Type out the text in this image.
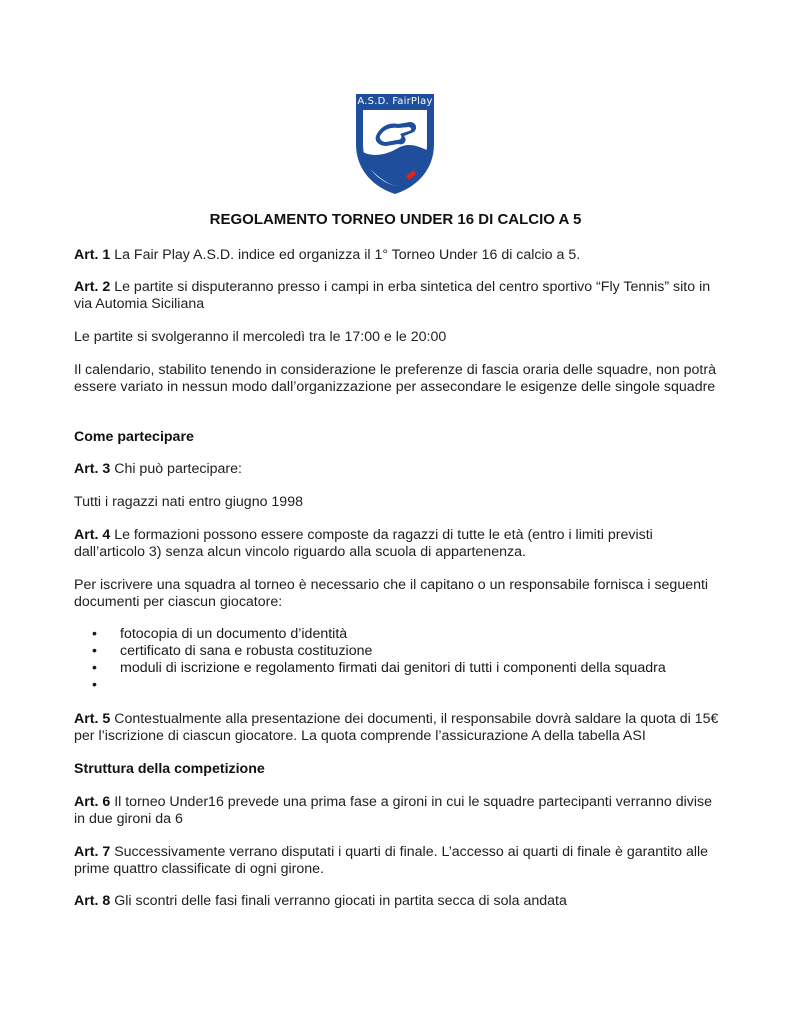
A.S.D. FairPlay
REGOLAMENTO TORNEO UNDER 16 DI CALCIO A 5
Art. 1 La Fair Play A.S.D. indice ed organizza il 1° Torneo Under 16 di calcio a 5.
Art. 2 Le partite si disputeranno presso i campi in erba sintetica del centro sportivo “Fly Tennis” sito in via Automia Siciliana
Le partite si svolgeranno il mercoledì tra le 17:00 e le 20:00
Il calendario, stabilito tenendo in considerazione le preferenze di fascia oraria delle squadre, non potrà essere variato in nessun modo dall’organizzazione per assecondare le esigenze delle singole squadre
Come partecipare
Art. 3 Chi può partecipare:
Tutti i ragazzi nati entro giugno 1998
Art. 4 Le formazioni possono essere composte da ragazzi di tutte le età (entro i limiti previsti dall’articolo 3) senza alcun vincolo riguardo alla scuola di appartenenza.
Per iscrivere una squadra al torneo è necessario che il capitano o un responsabile fornisca i seguenti documenti per ciascun giocatore:
•	fotocopia di un documento d’identità
•	certificato di sana e robusta costituzione
•	moduli di iscrizione e regolamento firmati dai genitori di tutti i componenti della squadra
•
Art. 5 Contestualmente alla presentazione dei documenti, il responsabile dovrà saldare la quota di 15€ per l’iscrizione di ciascun giocatore. La quota comprende l’assicurazione A della tabella ASI
Struttura della competizione
Art. 6 Il torneo Under16 prevede una prima fase a gironi in cui le squadre partecipanti verranno divise in due gironi da 6
Art. 7 Successivamente verrano disputati i quarti di finale. L’accesso ai quarti di finale è garantito alle prime quattro classificate di ogni girone.
Art. 8 Gli scontri delle fasi finali verranno giocati in partita secca di sola andata
